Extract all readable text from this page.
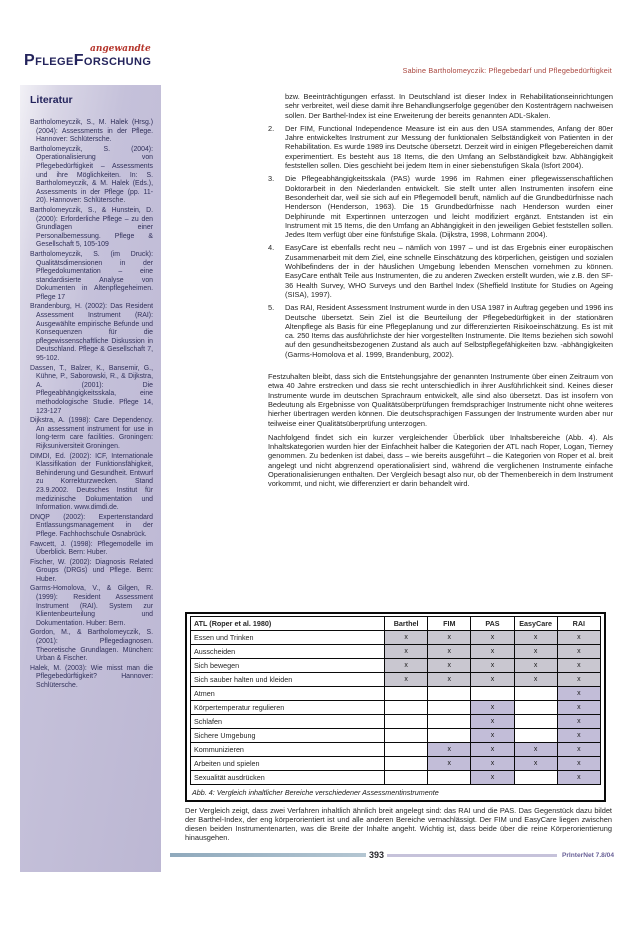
angewandte
PflegeForschung
Sabine Bartholomeyczik: Pflegebedarf und Pflegebedürftigkeit
Literatur

Bartholomeyczik, S., M. Halek (Hrsg.) (2004): Assessments in der Pflege. Hannover: Schlütersche.

Bartholomeyczik, S. (2004): Operationalisierung von Pflegebedürftigkeit – Assessments und ihre Möglichkeiten. In: S. Bartholomeyczik, & M. Halek (Eds.), Assessments in der Pflege (pp. 11-20). Hannover: Schlütersche.

Bartholomeyczik, S., & Hunstein, D. (2000): Erforderliche Pflege – zu den Grundlagen einer Personalbemessung. Pflege & Gesellschaft 5, 105-109

Bartholomeyczik, S. (im Druck): Qualitätsdimensionen in der Pflegedokumentation – eine standardisierte Analyse von Dokumenten in Altenpflegeheimen. Pflege 17

Brandenburg, H. (2002): Das Resident Assessment Instrument (RAI): Ausgewählte empirische Befunde und Konsequenzen für die pflegewissenschaftliche Diskussion in Deutschland. Pflege & Gesellschaft 7, 95-102.

Dassen, T., Balzer, K., Bansemir, G., Kühne, P., Saborowski, R., & Dijkstra, A. (2001): Die Pflegeabhängigkeitsskala, eine methodologische Studie. Pflege 14, 123-127

Dijkstra, A. (1998): Care Dependency. An assessment instrument for use in long-term care facilities. Groningen: Rijksuniversiteit Groningen.

DIMDI, Ed. (2002): ICF, Internationale Klassifikation der Funktionsfähigkeit, Behinderung und Gesundheit. Entwurf zu Korrekturzwecken. Stand 23.9.2002. Deutsches Institut für medizinische Dokumentation und Information. www.dimdi.de.

DNQP (2002): Expertenstandard Entlassungsmanagement in der Pflege. Fachhochschule Osnabrück.

Fawcett, J. (1998): Pflegemodelle im Überblick. Bern: Huber.

Fischer, W. (2002): Diagnosis Related Groups (DRGs) und Pflege. Bern: Huber.

Garms-Homolova, V., & Gilgen, R. (1999): Resident Assessment Instrument (RAI). System zur Klientenbeurteilung und Dokumentation. Huber: Bern.

Gordon, M., & Bartholomeyczik, S. (2001): Pflegediagnosen. Theoretische Grundlagen. München: Urban & Fischer.

Halek, M. (2003): Wie misst man die Pflegebedürftigkeit? Hannover: Schlütersche.

bzw. Beeinträchtigungen erfasst. In Deutschland ist dieser Index in Rehabilitationseinrichtungen sehr verbreitet, weil diese damit ihre Behandlungserfolge gegenüber den Kostenträgern nachweisen sollen. Der Barthel-Index ist eine Erweiterung der bereits genannten ADL-Skalen.

2.	Der FIM, Functional Independence Measure ist ein aus den USA stammendes, Anfang der 80er Jahre entwickeltes Instrument zur Messung der funktionalen Selbständigkeit von Patienten in der Rehabilitation. Es wurde 1989 ins Deutsche übersetzt. Derzeit wird in einigen Pflegebereichen damit experimentiert. Es besteht aus 18 Items, die den Umfang an Selbständigkeit bzw. Abhängigkeit feststellen sollen. Dies geschieht bei jedem Item in einer siebenstufigen Skala (Isfort 2004).
3.	Die Pflegeabhängigkeitsskala (PAS) wurde 1996 im Rahmen einer pflegewissenschaftlichen Doktorarbeit in den Niederlanden entwickelt. Sie stellt unter allen Instrumenten insofern eine Besonderheit dar, weil sie sich auf ein Pflegemodell beruft, nämlich auf die Grundbedürfnisse nach Henderson (Henderson, 1963). Die 15 Grundbedürfnisse nach Henderson wurden einer Delphirunde mit Expertinnen unterzogen und leicht modifiziert ergänzt. Entstanden ist ein Instrument mit 15 Items, die den Umfang an Abhängigkeit in den jeweiligen Gebiet feststellen sollen. Jedes Item verfügt über eine fünfstufige Skala. (Dijkstra, 1998, Lohrmann 2004).
4.	EasyCare ist ebenfalls recht neu – nämlich von 1997 – und ist das Ergebnis einer europäischen Zusammenarbeit mit dem Ziel, eine schnelle Einschätzung des körperlichen, geistigen und sozialen Wohlbefindens der in der häuslichen Umgebung lebenden Menschen vornehmen zu können. EasyCare enthält Teile aus Instrumenten, die zu anderen Zwecken erstellt wurden, wie z.B. den SF-36 Health Survey, WHO Surveys und den Barthel Index (Sheffield Institute for Studies on Ageing (SISA), 1997).
5.	Das RAI, Resident Assessment Instrument wurde in den USA 1987 in Auftrag gegeben und 1996 ins Deutsche übersetzt. Sein Ziel ist die Beurteilung der Pflegebedürftigkeit in der stationären Altenpflege als Basis für eine Pflegeplanung und zur differenzierten Risikoeinschätzung. Es ist mit ca. 250 Items das ausführlichste der hier vorgestellten Instrumente. Die Items beziehen sich sowohl auf den gesundheitsbezogenen Zustand als auch auf Selbstpflegefähigkeiten bzw. -abhängigkeiten (Garms-Homolova et al. 1999, Brandenburg, 2002).

Festzuhalten bleibt, dass sich die Entstehungsjahre der genannten Instrumente über einen Zeitraum von etwa 40 Jahre erstrecken und dass sie recht unterschiedlich in ihrer Ausführlichkeit sind. Keines dieser Instrumente wurde im deutschen Sprachraum entwickelt, alle sind also übersetzt. Das ist insofern von Bedeutung als Ergebnisse von Qualitätsüberprüfungen fremdsprachiger Instrumente nicht ohne weiteres hierher übertragen werden können. Die deutschsprachigen Fassungen der Instrumente wurden aber nur teilweise einer Qualitätsüberprüfung unterzogen.

Nachfolgend findet sich ein kurzer vergleichender Überblick über Inhaltsbereiche (Abb. 4). Als Inhaltskategorien wurden hier der Einfachheit halber die Kategorien der ATL nach Roper, Logan, Tierney genommen. Zu bedenken ist dabei, dass – wie bereits ausgeführt – die Kategorien von Roper et al. breit angelegt und nicht abgrenzend operationalisiert sind, während die verglichenen Instrumente einfache Operationalisierungen enthalten. Der Vergleich besagt also nur, ob der Themenbereich in dem Instrument vorkommt, und nicht, wie differenziert er darin behandelt wird.

ATL (Roper et al. 1980)	Barthel	FIM	PAS	EasyCare	RAI
Essen und Trinken	x	x	x	x	x
Ausscheiden	x	x	x	x	x
Sich bewegen	x	x	x	x	x
Sich sauber halten und kleiden	x	x	x	x	x
Atmen					x
Körpertemperatur regulieren			x		x
Schlafen			x		x
Sichere Umgebung			x		x
Kommunizieren		x	x	x	x
Arbeiten und spielen		x	x	x	x
Sexualität ausdrücken			x		x
Abb. 4: Vergleich inhaltlicher Bereiche verschiedener Assessmentinstrumente

Der Vergleich zeigt, dass zwei Verfahren inhaltlich ähnlich breit angelegt sind: das RAI und die PAS. Das Gegenstück dazu bildet der Barthel-Index, der eng körperorientiert ist und alle anderen Bereiche vernachlässigt. Der FIM und EasyCare liegen zwischen diesen beiden Instrumentenarten, was die Breite der Inhalte angeht. Wichtig ist, dass beide über die reine Körperorientierung hinausgehen.

393	PrInterNet 7.8/04
